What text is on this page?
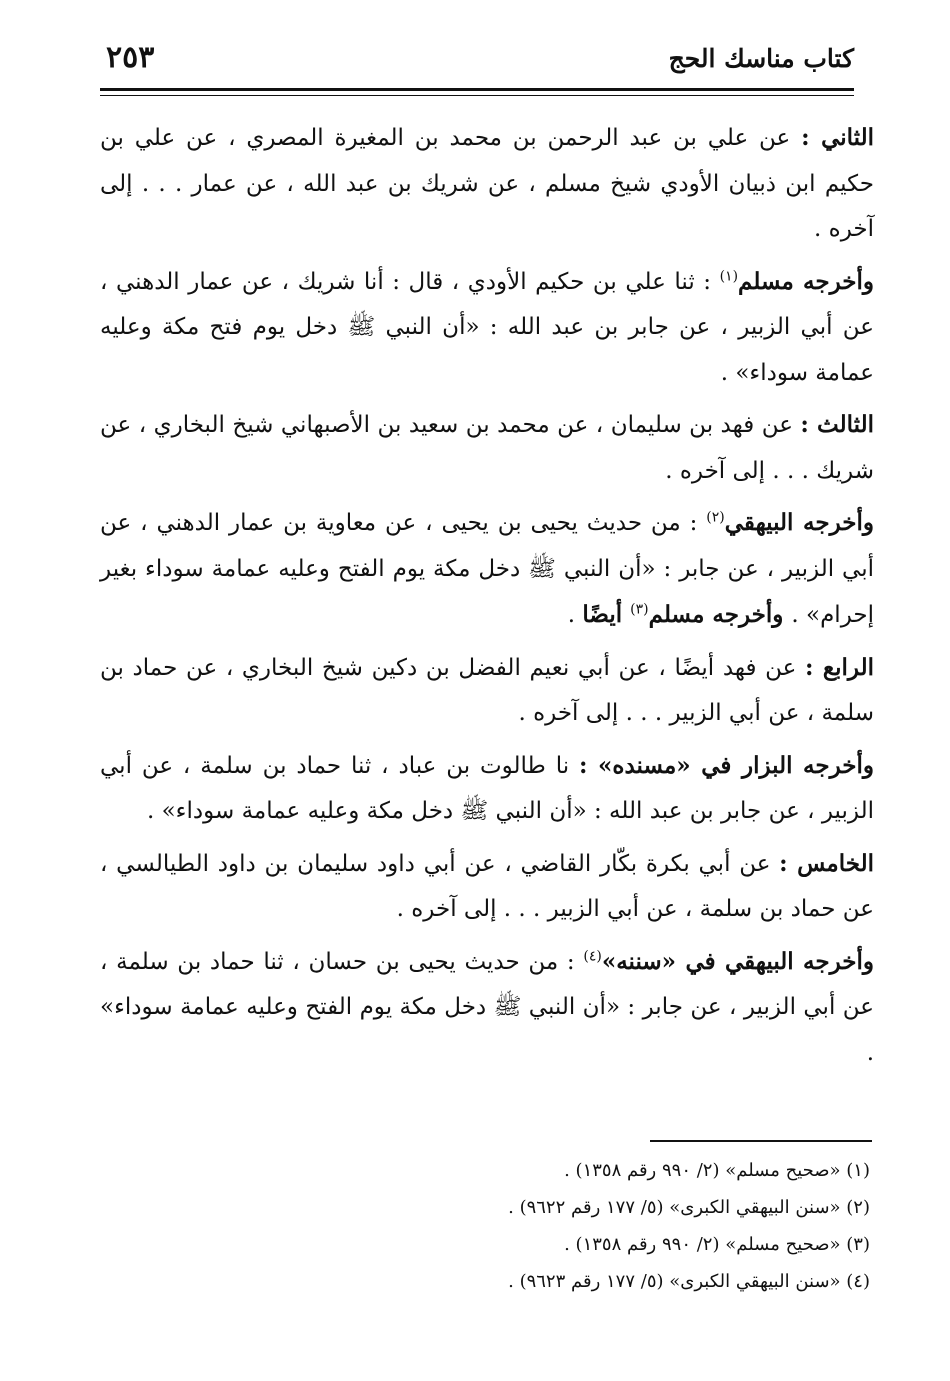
كتاب مناسك الحج
٢٥٣

الثاني : عن علي بن عبد الرحمن بن محمد بن المغيرة المصري ، عن علي بن حكيم ابن ذبيان الأودي شيخ مسلم ، عن شريك بن عبد الله ، عن عمار . . . إلى آخره .

وأخرجه مسلم$^{(١)}$ : ثنا علي بن حكيم الأودي ، قال : أنا شريك ، عن عمار الدهني ، عن أبي الزبير ، عن جابر بن عبد الله : «أن النبي ﷺ دخل يوم فتح مكة وعليه عمامة سوداء» .

الثالث : عن فهد بن سليمان ، عن محمد بن سعيد بن الأصبهاني شيخ البخاري ، عن شريك . . . إلى آخره .

وأخرجه البيهقي$^{(٢)}$ : من حديث يحيى بن يحيى ، عن معاوية بن عمار الدهني ، عن أبي الزبير ، عن جابر : «أن النبي ﷺ دخل مكة يوم الفتح وعليه عمامة سوداء بغير إحرام» . وأخرجه مسلم$^{(٣)}$ أيضًا .

الرابع : عن فهد أيضًا ، عن أبي نعيم الفضل بن دكين شيخ البخاري ، عن حماد بن سلمة ، عن أبي الزبير . . . إلى آخره .

وأخرجه البزار في «مسنده» : نا طالوت بن عباد ، ثنا حماد بن سلمة ، عن أبي الزبير ، عن جابر بن عبد الله : «أن النبي ﷺ دخل مكة وعليه عمامة سوداء» .

الخامس : عن أبي بكرة بكّار القاضي ، عن أبي داود سليمان بن داود الطيالسي ، عن حماد بن سلمة ، عن أبي الزبير . . . إلى آخره .

وأخرجه البيهقي في «سننه»$^{(٤)}$ : من حديث يحيى بن حسان ، ثنا حماد بن سلمة ، عن أبي الزبير ، عن جابر : «أن النبي ﷺ دخل مكة يوم الفتح وعليه عمامة سوداء» .

(١) «صحيح مسلم» (٢/ ٩٩٠ رقم ١٣٥٨) .
(٢) «سنن البيهقي الكبرى» (٥/ ١٧٧ رقم ٩٦٢٢) .
(٣) «صحيح مسلم» (٢/ ٩٩٠ رقم ١٣٥٨) .
(٤) «سنن البيهقي الكبرى» (٥/ ١٧٧ رقم ٩٦٢٣) .
